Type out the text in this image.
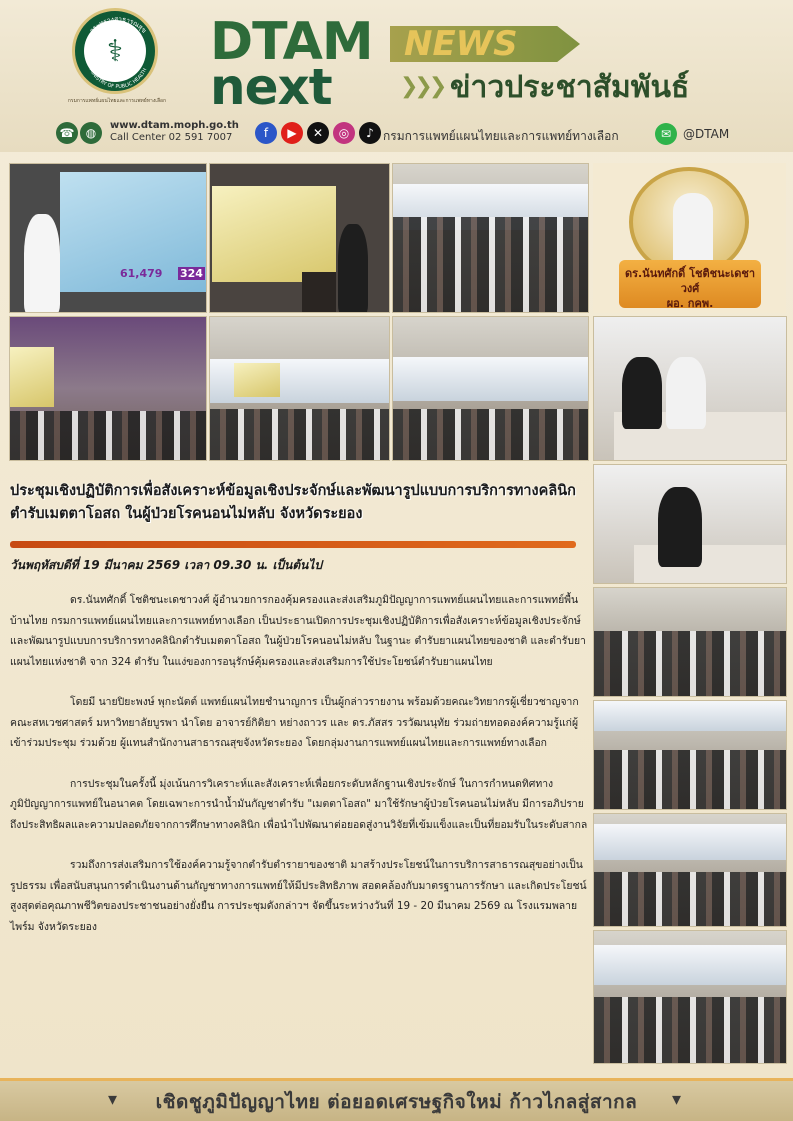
⚕
กระทรวงสาธารณสุข
MINISTRY OF PUBLIC HEALTH
กรมการแพทย์แผนไทยและการแพทย์ทางเลือก
DTAM NEWS
next	❯❯❯ ข่าวประชาสัมพันธ์
☎ ◍
www.dtam.moph.go.th
Call Center 02 591 7007	f	▶	✕	◎	♪ กรมการแพทย์แผนไทยและการแพทย์ทางเลือก	✉ @DTAM
61,479 324	ดร.นันทศักดิ์ โชติชนะเดชาวงศ์
ผอ. กคพ.
ประชุมเชิงปฏิบัติการเพื่อสังเคราะห์ข้อมูลเชิงประจักษ์และพัฒนารูปแบบการบริการทางคลินิกตำรับเมตตาโอสถ ในผู้ป่วยโรคนอนไม่หลับ จังหวัดระยอง
วันพฤหัสบดีที่ 19 มีนาคม 2569 เวลา 09.30 น. เป็นต้นไป

ดร.นันทศักดิ์ โชติชนะเดชาวงศ์ ผู้อำนวยการกองคุ้มครองและส่งเสริมภูมิปัญญาการแพทย์แผนไทยและการแพทย์พื้นบ้านไทย กรมการแพทย์แผนไทยและการแพทย์ทางเลือก เป็นประธานเปิดการประชุมเชิงปฏิบัติการเพื่อสังเคราะห์ข้อมูลเชิงประจักษ์และพัฒนารูปแบบการบริการทางคลินิกตำรับเมตตาโอสถ ในผู้ป่วยโรคนอนไม่หลับ ในฐานะ ตำรับยาแผนไทยของชาติ และตำรับยาแผนไทยแห่งชาติ จาก 324 ตำรับ ในแง่ของการอนุรักษ์คุ้มครองและส่งเสริมการใช้ประโยชน์ตำรับยาแผนไทย

โดยมี นายปิยะพงษ์ พุกะนัตต์ แพทย์แผนไทยชำนาญการ เป็นผู้กล่าวรายงาน พร้อมด้วยคณะวิทยากรผู้เชี่ยวชาญจากคณะสหเวชศาสตร์ มหาวิทยาลัยบูรพา นำโดย อาจารย์กิติยา หย่างถาวร และ ดร.ภัสสร วรวัฒนนุทัย ร่วมถ่ายทอดองค์ความรู้แก่ผู้เข้าร่วมประชุม ร่วมด้วย ผู้แทนสำนักงานสาธารณสุขจังหวัดระยอง โดยกลุ่มงานการแพทย์แผนไทยและการแพทย์ทางเลือก

การประชุมในครั้งนี้ มุ่งเน้นการวิเคราะห์และสังเคราะห์เพื่อยกระดับหลักฐานเชิงประจักษ์ ในการกำหนดทิศทางภูมิปัญญาการแพทย์ในอนาคต โดยเฉพาะการนำน้ำมันกัญชาตำรับ "เมตตาโอสถ" มาใช้รักษาผู้ป่วยโรคนอนไม่หลับ มีการอภิปรายถึงประสิทธิผลและความปลอดภัยจากการศึกษาทางคลินิก เพื่อนำไปพัฒนาต่อยอดสู่งานวิจัยที่เข้มแข็งและเป็นที่ยอมรับในระดับสากล

รวมถึงการส่งเสริมการใช้องค์ความรู้จากตำรับตำรายาของชาติ มาสร้างประโยชน์ในการบริการสาธารณสุขอย่างเป็นรูปธรรม เพื่อสนับสนุนการดำเนินงานด้านกัญชาทางการแพทย์ให้มีประสิทธิภาพ สอดคล้องกับมาตรฐานการรักษา และเกิดประโยชน์สูงสุดต่อคุณภาพชีวิตของประชาชนอย่างยั่งยืน การประชุมดังกล่าวฯ จัดขึ้นระหว่างวันที่ 19 - 20 มีนาคม 2569 ณ โรงแรมพลายไพร์ม จังหวัดระยอง

▾	เชิดชูภูมิปัญญาไทย ต่อยอดเศรษฐกิจใหม่ ก้าวไกลสู่สากล	▾
